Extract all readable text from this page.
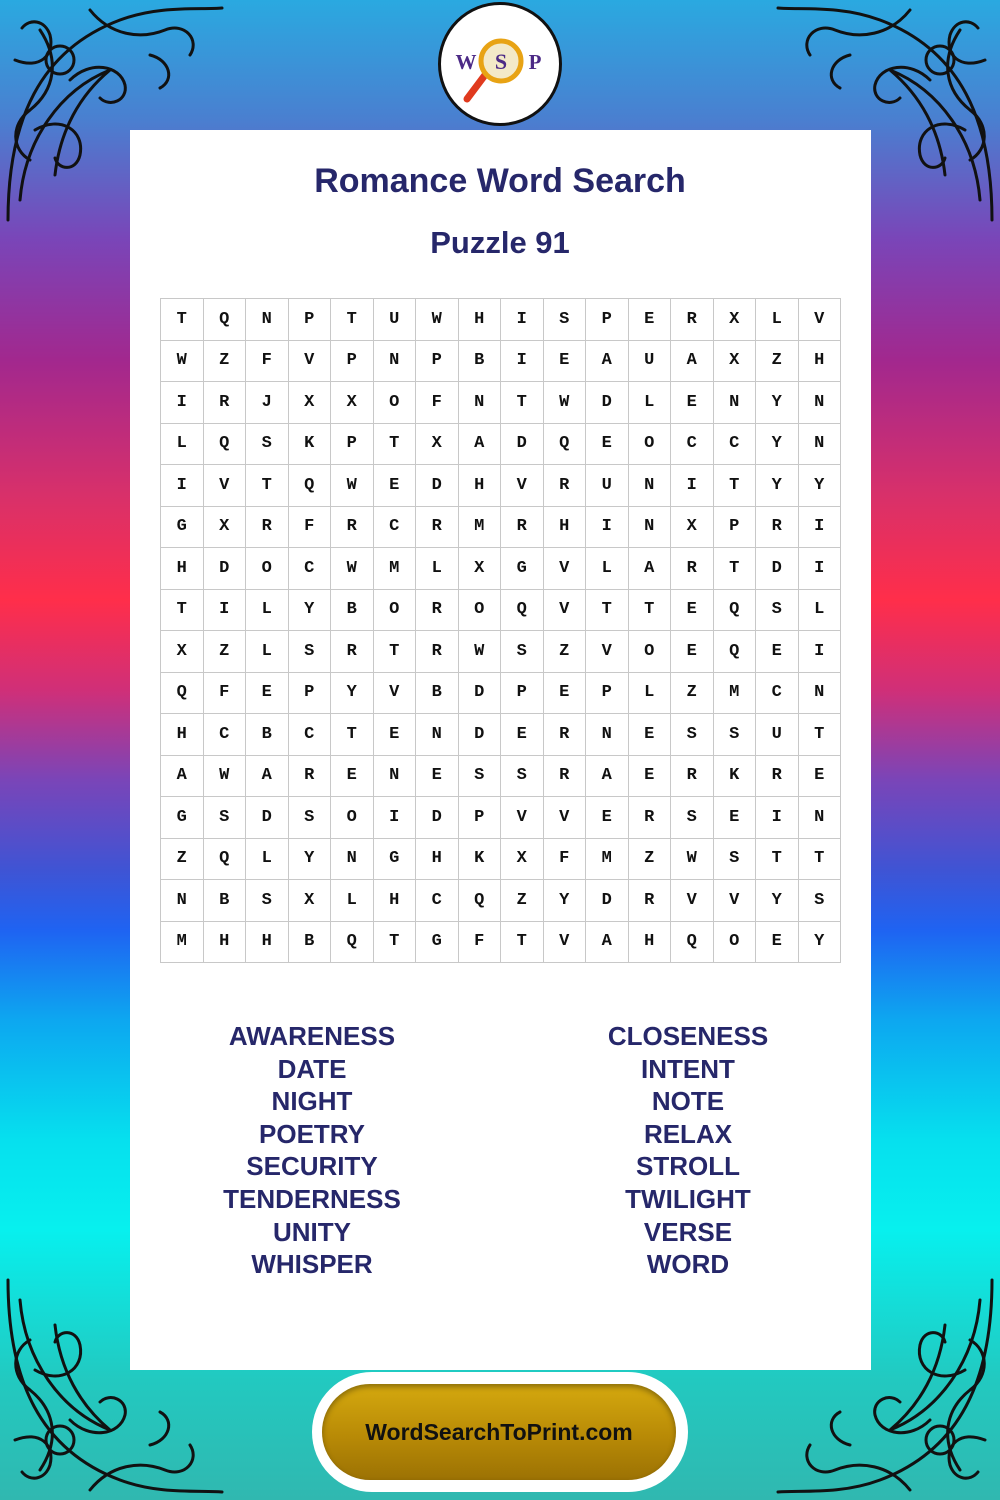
W S P
Romance Word Search
Puzzle 91
T	Q	N	P	T	U	W	H	I	S	P	E	R	X	L	V
W	Z	F	V	P	N	P	B	I	E	A	U	A	X	Z	H
I	R	J	X	X	O	F	N	T	W	D	L	E	N	Y	N
L	Q	S	K	P	T	X	A	D	Q	E	O	C	C	Y	N
I	V	T	Q	W	E	D	H	V	R	U	N	I	T	Y	Y
G	X	R	F	R	C	R	M	R	H	I	N	X	P	R	I
H	D	O	C	W	M	L	X	G	V	L	A	R	T	D	I
T	I	L	Y	B	O	R	O	Q	V	T	T	E	Q	S	L
X	Z	L	S	R	T	R	W	S	Z	V	O	E	Q	E	I
Q	F	E	P	Y	V	B	D	P	E	P	L	Z	M	C	N
H	C	B	C	T	E	N	D	E	R	N	E	S	S	U	T
A	W	A	R	E	N	E	S	S	R	A	E	R	K	R	E
G	S	D	S	O	I	D	P	V	V	E	R	S	E	I	N
Z	Q	L	Y	N	G	H	K	X	F	M	Z	W	S	T	T
N	B	S	X	L	H	C	Q	Z	Y	D	R	V	V	Y	S
M	H	H	B	Q	T	G	F	T	V	A	H	Q	O	E	Y
AWARENESS
DATE
NIGHT
POETRY
SECURITY
TENDERNESS
UNITY
WHISPER
CLOSENESS
INTENT
NOTE
RELAX
STROLL
TWILIGHT
VERSE
WORD
WordSearchToPrint.com
